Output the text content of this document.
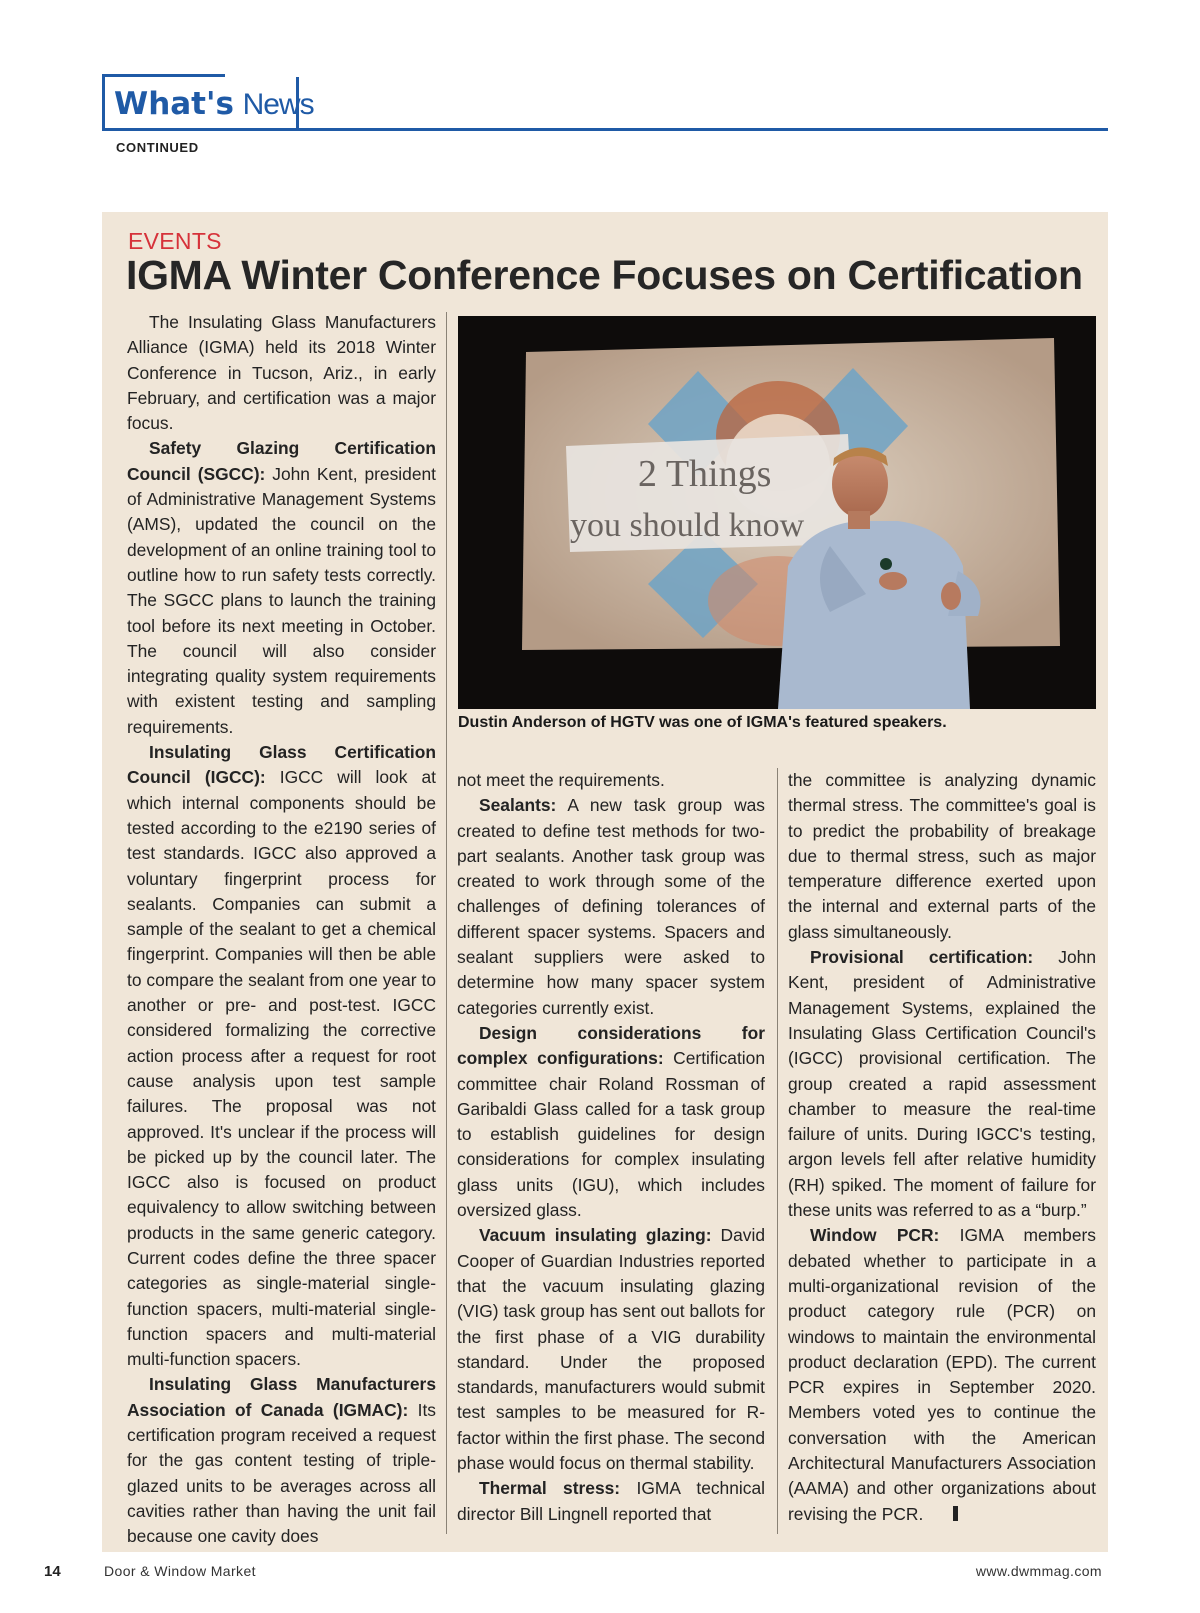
What's News
CONTINUED
EVENTS
IGMA Winter Conference Focuses on Certification

The Insulating Glass Manufacturers Alliance (IGMA) held its 2018 Winter Conference in Tucson, Ariz., in early February, and certification was a major focus.

Safety Glazing Certification Council (SGCC): John Kent, president of Administrative Management Systems (AMS), updated the council on the development of an online training tool to outline how to run safety tests correctly. The SGCC plans to launch the training tool before its next meeting in October. The council will also consider integrating quality system requirements with existent testing and sampling requirements.

Insulating Glass Certification Council (IGCC): IGCC will look at which internal components should be tested according to the e2190 series of test standards. IGCC also approved a voluntary fingerprint process for sealants. Companies can submit a sample of the sealant to get a chemical fingerprint. Companies will then be able to compare the sealant from one year to another or pre- and post-test. IGCC considered formalizing the corrective action process after a request for root cause analysis upon test sample failures. The proposal was not approved. It's unclear if the process will be picked up by the council later. The IGCC also is focused on product equivalency to allow switching between products in the same generic category. Current codes define the three spacer categories as single-material single-function spacers, multi-material single-function spacers and multi-material multi-function spacers.

Insulating Glass Manufacturers Association of Canada (IGMAC): Its certification program received a request for the gas content testing of triple-glazed units to be averages across all cavities rather than having the unit fail because one cavity does

2 Things
you should know
Dustin Anderson of HGTV was one of IGMA's featured speakers.

not meet the requirements.

Sealants: A new task group was created to define test methods for two-part sealants. Another task group was created to work through some of the challenges of defining tolerances of different spacer systems. Spacers and sealant suppliers were asked to determine how many spacer system categories currently exist.

Design considerations for complex configurations: Certification committee chair Roland Rossman of Garibaldi Glass called for a task group to establish guidelines for design considerations for complex insulating glass units (IGU), which includes oversized glass.

Vacuum insulating glazing: David Cooper of Guardian Industries reported that the vacuum insulating glazing (VIG) task group has sent out ballots for the first phase of a VIG durability standard. Under the proposed standards, manufacturers would submit test samples to be measured for R-factor within the first phase. The second phase would focus on thermal stability.

Thermal stress: IGMA technical director Bill Lingnell reported that

the committee is analyzing dynamic thermal stress. The committee's goal is to predict the probability of breakage due to thermal stress, such as major temperature difference exerted upon the internal and external parts of the glass simultaneously.

Provisional certification: John Kent, president of Administrative Management Systems, explained the Insulating Glass Certification Council's (IGCC) provisional certification. The group created a rapid assessment chamber to measure the real-time failure of units. During IGCC's testing, argon levels fell after relative humidity (RH) spiked. The moment of failure for these units was referred to as a “burp.”

Window PCR: IGMA members debated whether to participate in a multi-organizational revision of the product category rule (PCR) on windows to maintain the environmental product declaration (EPD). The current PCR expires in September 2020. Members voted yes to continue the conversation with the American Architectural Manufacturers Association (AAMA) and other organizations about revising the PCR.

14	Door & Window Market	www.dwmmag.com
